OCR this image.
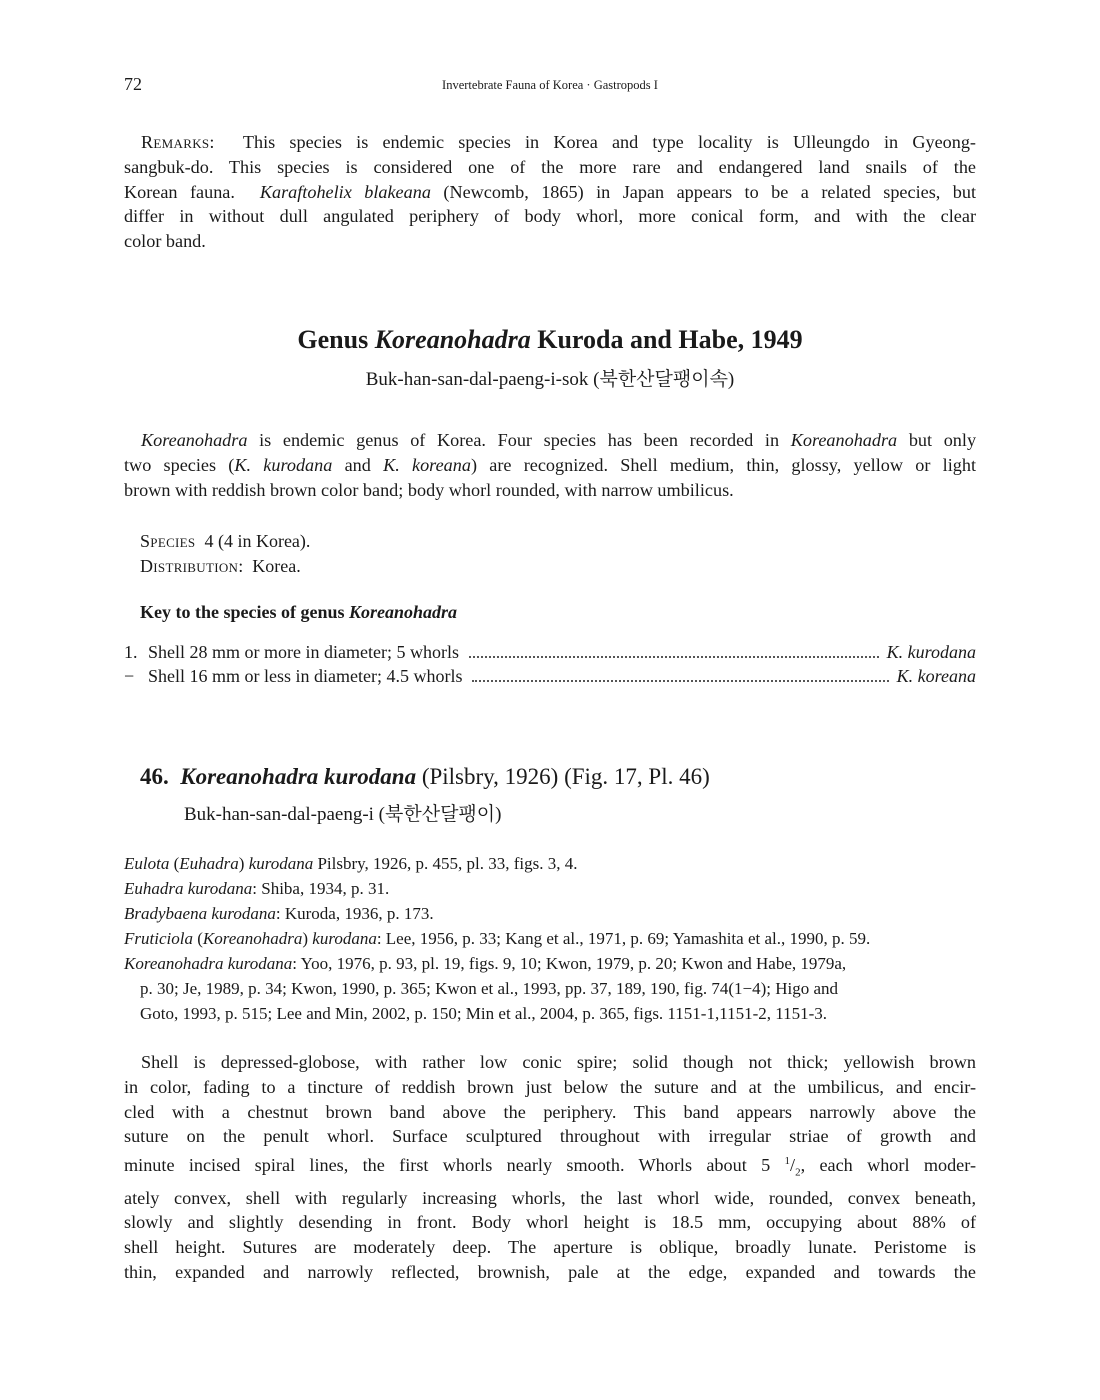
72	Invertebrate Fauna of Korea · Gastropods I
Remarks: This species is endemic species in Korea and type locality is Ulleungdo in Gyeong-
sangbuk-do. This species is considered one of the more rare and endangered land snails of the
Korean fauna. Karaftohelix blakeana (Newcomb, 1865) in Japan appears to be a related species, but
differ in without dull angulated periphery of body whorl, more conical form, and with the clear
color band.
Genus Koreanohadra Kuroda and Habe, 1949
Buk-han-san-dal-paeng-i-sok (북한산달팽이속)
Koreanohadra is endemic genus of Korea. Four species has been recorded in Koreanohadra but only
two species (K. kurodana and K. koreana) are recognized. Shell medium, thin, glossy, yellow or light
brown with reddish brown color band; body whorl rounded, with narrow umbilicus.
Species 4 (4 in Korea).
Distribution: Korea.
Key to the species of genus Koreanohadra
1. Shell 28 mm or more in diameter; 5 whorls	K. kurodana
− Shell 16 mm or less in diameter; 4.5 whorls	K. koreana
46. Koreanohadra kurodana (Pilsbry, 1926) (Fig. 17, Pl. 46)
Buk-han-san-dal-paeng-i (북한산달팽이)
Eulota (Euhadra) kurodana Pilsbry, 1926, p. 455, pl. 33, figs. 3, 4.
Euhadra kurodana: Shiba, 1934, p. 31.
Bradybaena kurodana: Kuroda, 1936, p. 173.
Fruticiola (Koreanohadra) kurodana: Lee, 1956, p. 33; Kang et al., 1971, p. 69; Yamashita et al., 1990, p. 59.
Koreanohadra kurodana: Yoo, 1976, p. 93, pl. 19, figs. 9, 10; Kwon, 1979, p. 20; Kwon and Habe, 1979a,
p. 30; Je, 1989, p. 34; Kwon, 1990, p. 365; Kwon et al., 1993, pp. 37, 189, 190, fig. 74(1−4); Higo and
Goto, 1993, p. 515; Lee and Min, 2002, p. 150; Min et al., 2004, p. 365, figs. 1151-1,1151-2, 1151-3.
Shell is depressed-globose, with rather low conic spire; solid though not thick; yellowish brown
in color, fading to a tincture of reddish brown just below the suture and at the umbilicus, and encir-
cled with a chestnut brown band above the periphery. This band appears narrowly above the
suture on the penult whorl. Surface sculptured throughout with irregular striae of growth and
minute incised spiral lines, the first whorls nearly smooth. Whorls about 5 $^1/_2$, each whorl moder-
ately convex, shell with regularly increasing whorls, the last whorl wide, rounded, convex beneath,
slowly and slightly desending in front. Body whorl height is 18.5 mm, occupying about 88% of
shell height. Sutures are moderately deep. The aperture is oblique, broadly lunate. Peristome is
thin, expanded and narrowly reflected, brownish, pale at the edge, expanded and towards the
